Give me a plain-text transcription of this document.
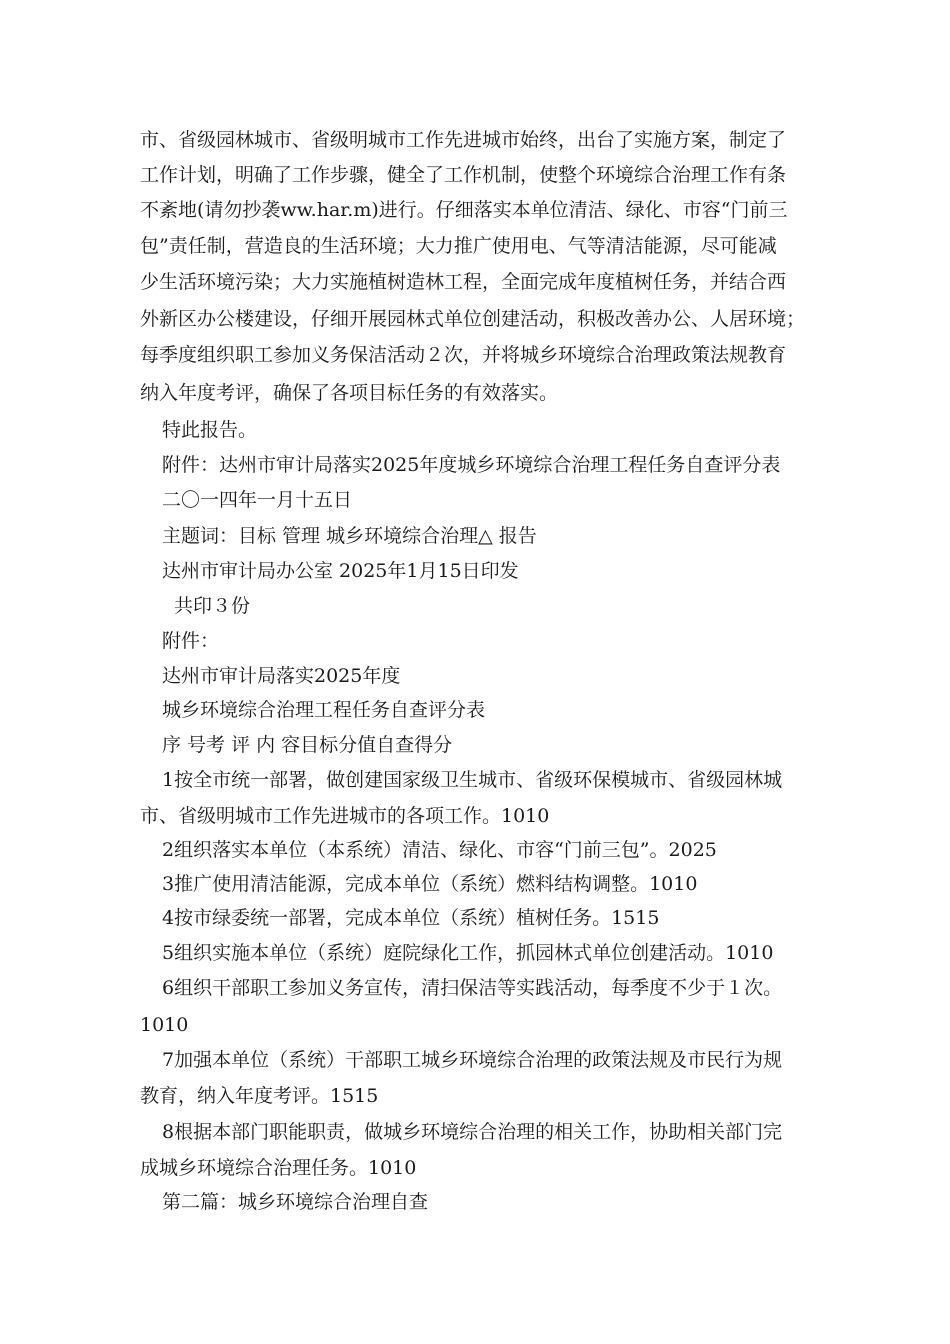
市、省级园林城市、省级明城市工作先进城市始终，出台了实施方案，制定了
工作计划，明确了工作步骤，健全了工作机制，使整个环境综合治理工作有条
不紊地(请勿抄袭ww.har.m)进行。仔细落实本单位清洁、绿化、市容“门前三
包”责任制，营造良的生活环境；大力推广使用电、气等清洁能源，尽可能减
少生活环境污染；大力实施植树造林工程，全面完成年度植树任务，并结合西
外新区办公楼建设，仔细开展园林式单位创建活动，积极改善办公、人居环境；
每季度组织职工参加义务保洁活动２次，并将城乡环境综合治理政策法规教育
纳入年度考评，确保了各项目标任务的有效落实。
特此报告。
附件：达州市审计局落实2025年度城乡环境综合治理工程任务自查评分表
二〇一四年一月十五日
主题词：目标 管理 城乡环境综合治理△ 报告
达州市审计局办公室 2025年1月15日印发
共印３份
附件：
达州市审计局落实2025年度
城乡环境综合治理工程任务自查评分表
序 号考 评 内 容目标分值自查得分
1按全市统一部署，做创建国家级卫生城市、省级环保模城市、省级园林城
市、省级明城市工作先进城市的各项工作。1010
2组织落实本单位（本系统）清洁、绿化、市容“门前三包”。2025
3推广使用清洁能源，完成本单位（系统）燃料结构调整。1010
4按市绿委统一部署，完成本单位（系统）植树任务。1515
5组织实施本单位（系统）庭院绿化工作，抓园林式单位创建活动。1010
6组织干部职工参加义务宣传，清扫保洁等实践活动，每季度不少于１次。
1010
7加强本单位（系统）干部职工城乡环境综合治理的政策法规及市民行为规
教育，纳入年度考评。1515
8根据本部门职能职责，做城乡环境综合治理的相关工作，协助相关部门完
成城乡环境综合治理任务。1010
第二篇：城乡环境综合治理自查
